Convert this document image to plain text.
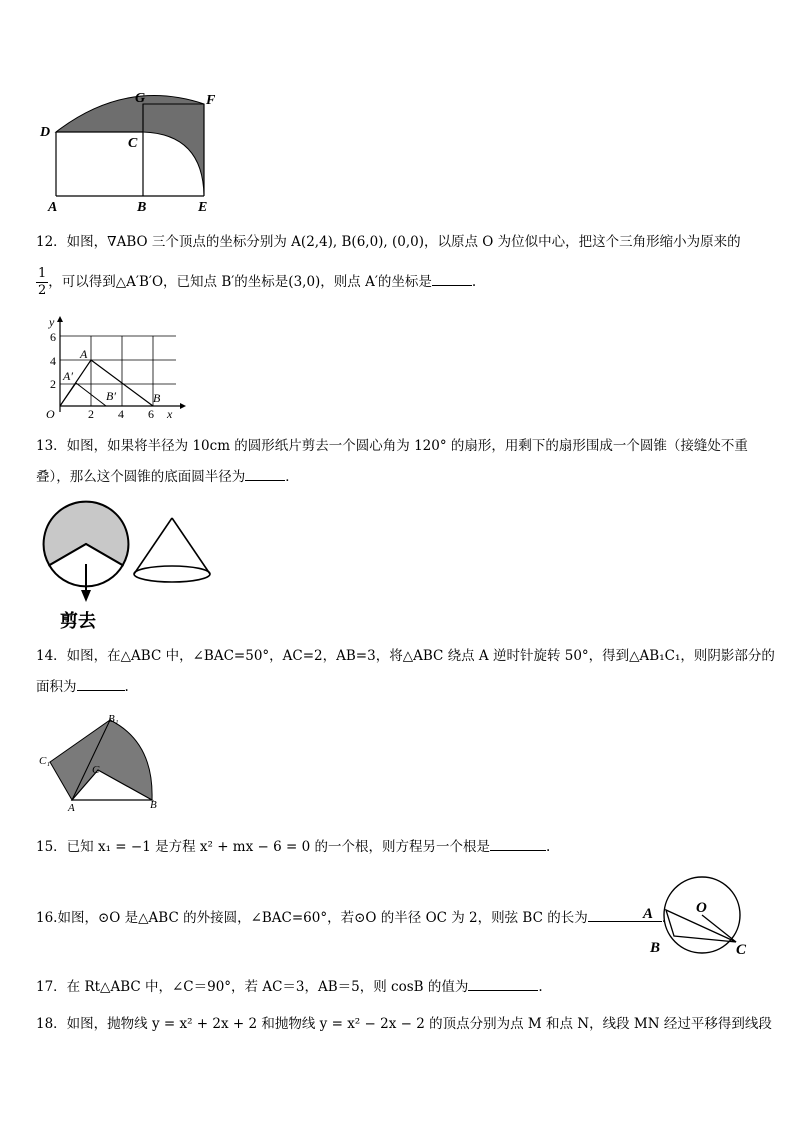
G	F
D
C
A	B	E
12．如图，∇ABO 三个顶点的坐标分别为 A(2,4), B(6,0), (0,0)，以原点 O 为位似中心，把这个三角形缩小为原来的
$\frac{1}{2}$ ，可以得到△A′B′O，已知点 B′的坐标是(3,0)，则点 A′的坐标是	.
y
x
6
4
2
2 4 6
O
A
A′
B′	B
13．如图，如果将半径为 10cm 的圆形纸片剪去一个圆心角为 120° 的扇形，用剩下的扇形围成一个圆锥（接缝处不重
叠），那么这个圆锥的底面圆半径为	．
剪去
14．如图，在△ABC 中，∠BAC=50°，AC=2，AB=3，将△ABC 绕点 A 逆时针旋转 50°，得到△AB₁C₁，则阴影部分的
面积为	.
B₁
C₁
C
A	B
15．已知 x₁ = −1 是方程 x² + mx − 6 = 0 的一个根，则方程另一个根是	.
16.如图，⊙O 是△ABC 的外接圆，∠BAC=60°，若⊙O 的半径 OC 为 2，则弦 BC 的长为	.
O
A
B	C
17．在 Rt△ABC 中，∠C＝90°，若 AC＝3，AB＝5，则 cosB 的值为	.
18．如图，抛物线 y = x² + 2x + 2 和抛物线 y = x² − 2x − 2 的顶点分别为点 M 和点 N，线段 MN 经过平移得到线段
